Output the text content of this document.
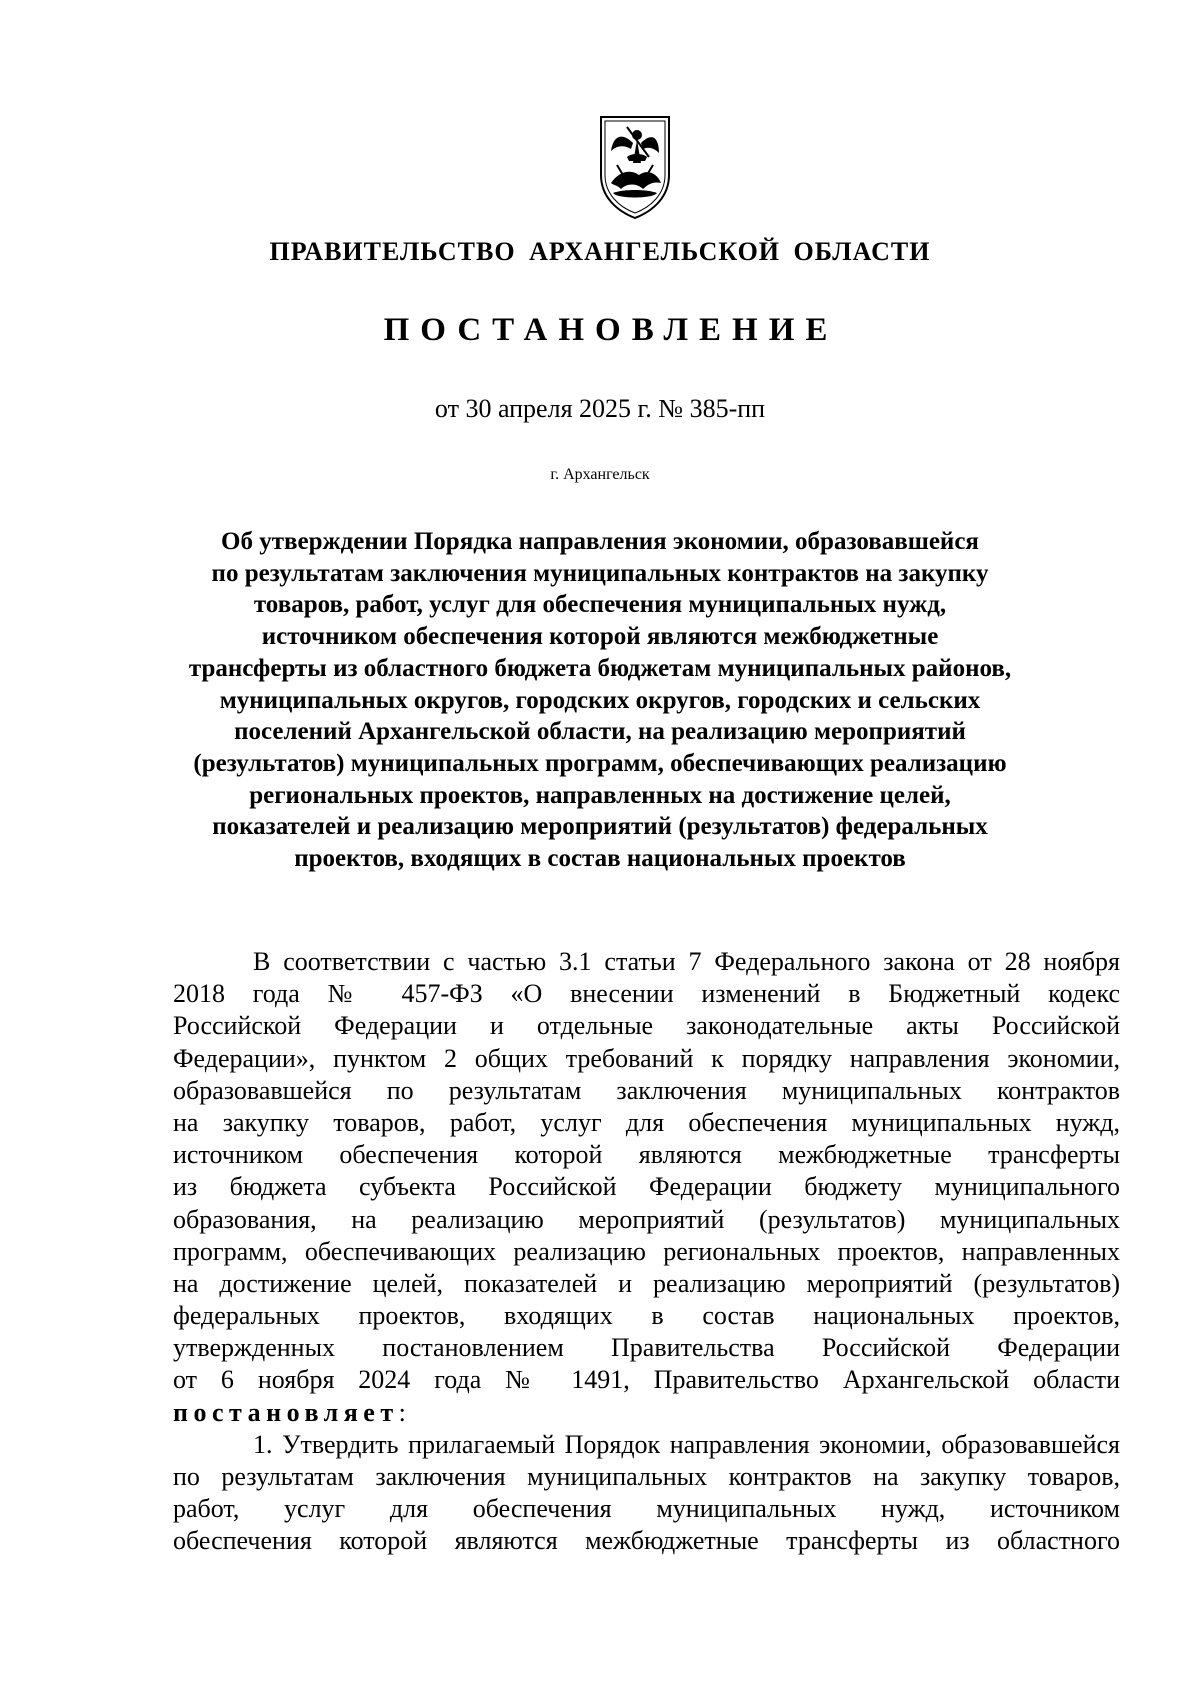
ПРАВИТЕЛЬСТВО АРХАНГЕЛЬСКОЙ ОБЛАСТИ
ПОСТАНОВЛЕНИЕ
от 30 апреля 2025 г. № 385-пп
г. Архангельск
Об утверждении Порядка направления экономии, образовавшейся
по результатам заключения муниципальных контрактов на закупку
товаров, работ, услуг для обеспечения муниципальных нужд,
источником обеспечения которой являются межбюджетные
трансферты из областного бюджета бюджетам муниципальных районов,
муниципальных округов, городских округов, городских и сельских
поселений Архангельской области, на реализацию мероприятий
(результатов) муниципальных программ, обеспечивающих реализацию
региональных проектов, направленных на достижение целей,
показателей и реализацию мероприятий (результатов) федеральных
проектов, входящих в состав национальных проектов
В соответствии с частью 3.1 статьи 7 Федерального закона от 28 ноября
2018 года № 457-ФЗ «О внесении изменений в Бюджетный кодекс
Российской Федерации и отдельные законодательные акты Российской
Федерации», пунктом 2 общих требований к порядку направления экономии,
образовавшейся по результатам заключения муниципальных контрактов
на закупку товаров, работ, услуг для обеспечения муниципальных нужд,
источником обеспечения которой являются межбюджетные трансферты
из бюджета субъекта Российской Федерации бюджету муниципального
образования, на реализацию мероприятий (результатов) муниципальных
программ, обеспечивающих реализацию региональных проектов, направленных
на достижение целей, показателей и реализацию мероприятий (результатов)
федеральных проектов, входящих в состав национальных проектов,
утвержденных постановлением Правительства Российской Федерации
от 6 ноября 2024 года № 1491, Правительство Архангельской области
постановляет:
1. Утвердить прилагаемый Порядок направления экономии, образовавшейся
по результатам заключения муниципальных контрактов на закупку товаров,
работ, услуг для обеспечения муниципальных нужд, источником
обеспечения которой являются межбюджетные трансферты из областного
